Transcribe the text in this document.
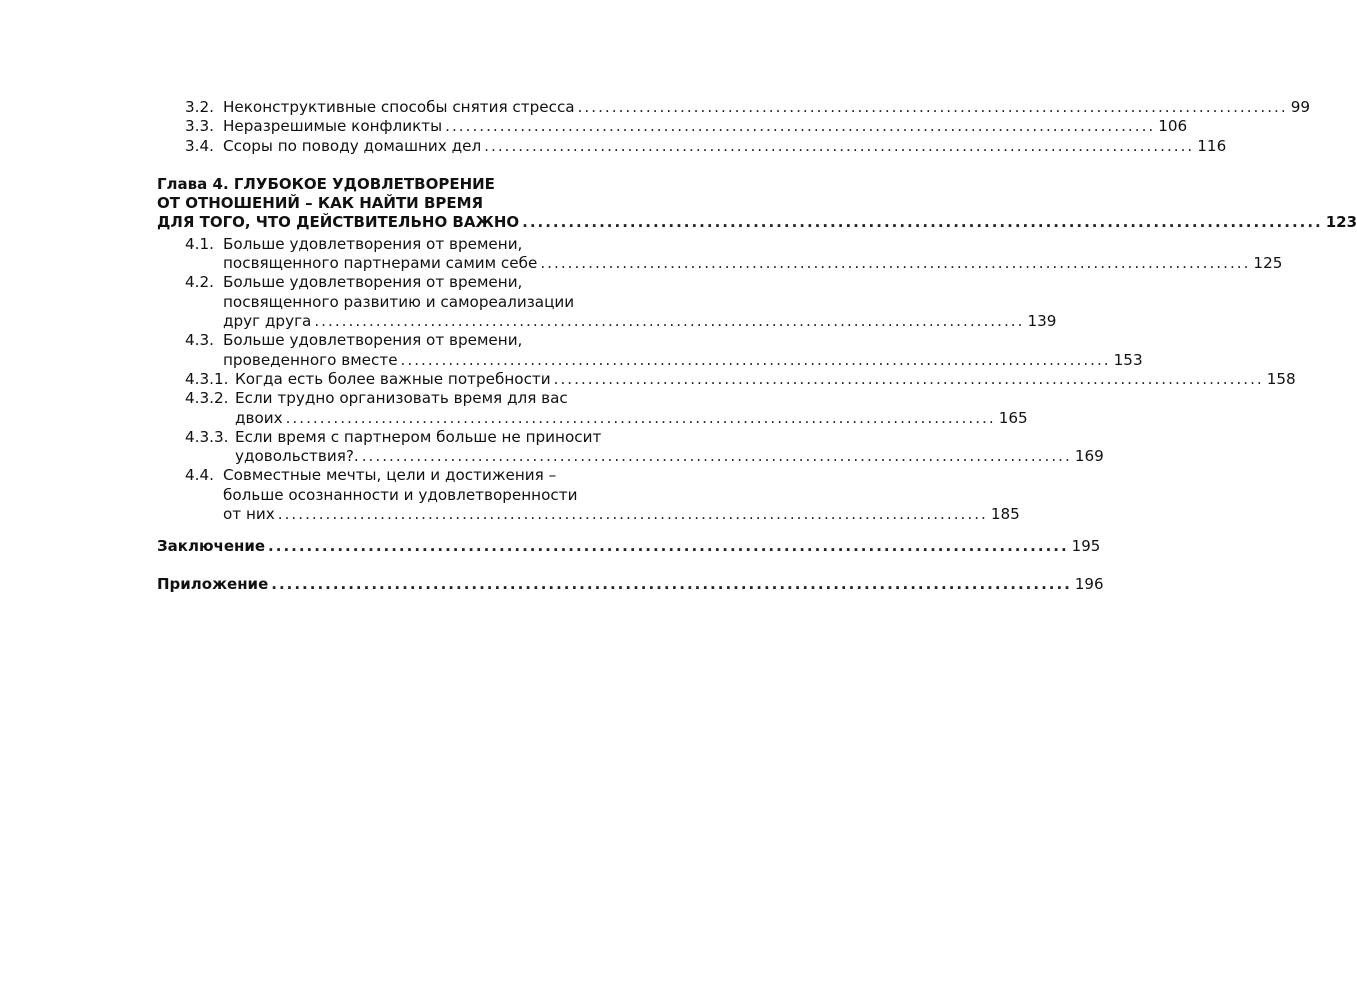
3.2. Неконструктивные способы снятия стресса ........................................................................................................ 99
3.3. Неразрешимые конфликты ........................................................................................................ 106
3.4. Ссоры по поводу домашних дел ........................................................................................................ 116
Глава 4. ГЛУБОКОЕ УДОВЛЕТВОРЕНИЕ
ОТ ОТНОШЕНИЙ – КАК НАЙТИ ВРЕМЯ
ДЛЯ ТОГО, ЧТО ДЕЙСТВИТЕЛЬНО ВАЖНО ........................................................................................................ 123
4.1. Больше удовлетворения от времени,
посвященного партнерами самим себе ........................................................................................................ 125
4.2. Больше удовлетворения от времени,
посвященного развитию и самореализации
друг друга ........................................................................................................ 139
4.3. Больше удовлетворения от времени,
проведенного вместе ........................................................................................................ 153
4.3.1. Когда есть более важные потребности ........................................................................................................ 158
4.3.2. Если трудно организовать время для вас
двоих ........................................................................................................ 165
4.3.3. Если время с партнером больше не приносит
удовольствия?. ........................................................................................................ 169
4.4. Совместные мечты, цели и достижения –
больше осознанности и удовлетворенности
от них ........................................................................................................ 185
Заключение ........................................................................................................ 195
Приложение ........................................................................................................ 196
